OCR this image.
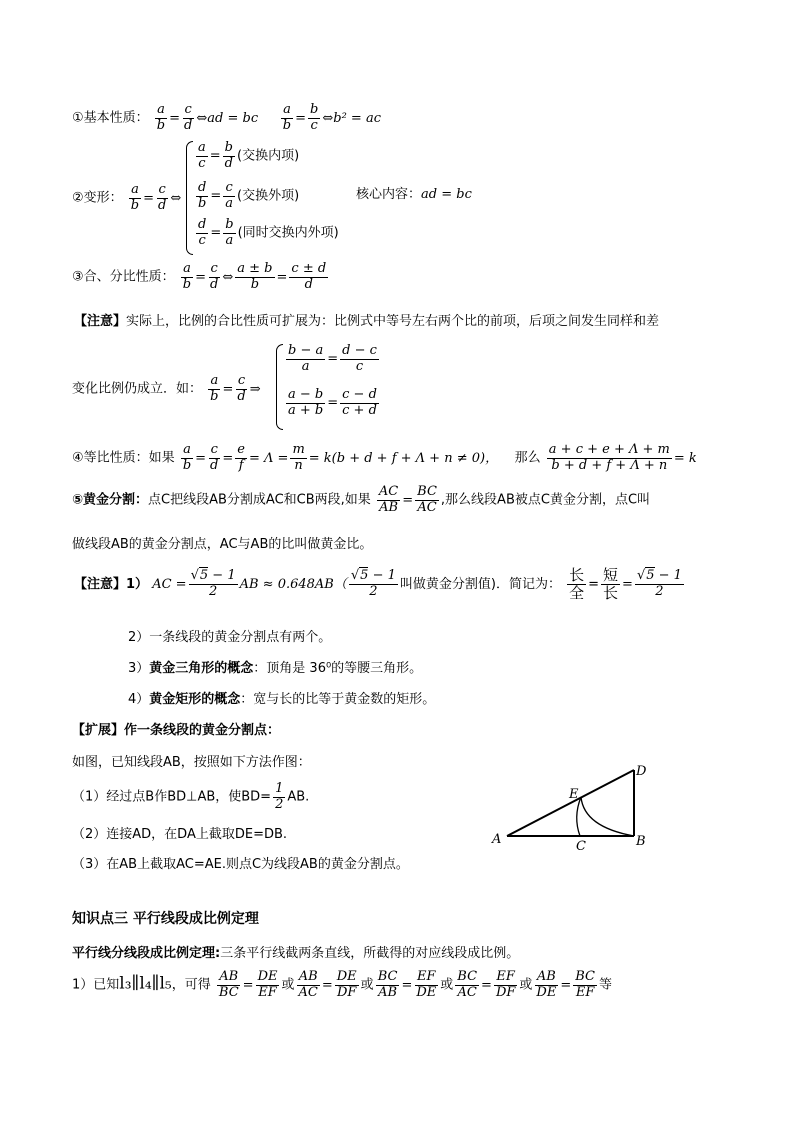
①基本性质： $\frac{a}{b} = \frac{c}{d}$ ⇔ad = bc $\frac{a}{b} = \frac{b}{c}$ ⇔b² = ac
②变形： $\frac{a}{b} = \frac{c}{d}$ ⇔
$\frac{a}{c} = \frac{b}{d}$ (交换内项)
$\frac{d}{b} = \frac{c}{a}$ (交换外项)
$\frac{d}{c} = \frac{b}{a}$ (同时交换内外项)
核心内容：ad = bc
③合、分比性质： $\frac{a}{b} = \frac{c}{d}$ ⇔ $\frac{a \pm b}{b} = \frac{c \pm d}{d}$
【注意】实际上，比例的合比性质可扩展为：比例式中等号左右两个比的前项，后项之间发生同样和差
变化比例仍成立．如： $\frac{a}{b} = \frac{c}{d}$ ⇒
$\frac{b - a}{a} = \frac{d - c}{c}$
$\frac{a - b}{a + b} = \frac{c - d}{c + d}$
④等比性质：如果 $\frac{a}{b} = \frac{c}{d} = \frac{e}{f} = \Lambda = \frac{m}{n} = k(b + d + f + \Lambda + n \ne 0)$， 那么 $\frac{a + c + e + \Lambda + m}{b + d + f + \Lambda + n} = k$
⑤黄金分割：点C把线段AB分割成AC和CB两段,如果 $\frac{AC}{AB} = \frac{BC}{AC}$ ,那么线段AB被点C黄金分割，点C叫
做线段AB的黄金分割点，AC与AB的比叫做黄金比。
【注意】1） AC = $\frac{√5 - 1}{2}$ AB ≈ $0.648AB( \frac{√5 - 1}{2}$ 叫做黄金分割值)．简记为： $\frac{\text{长}}{\text{全}} = \frac{\text{短}}{\text{长}} = \frac{√5 - 1}{2}$
2）一条线段的黄金分割点有两个。
3）黄金三角形的概念：顶角是 36⁰的等腰三角形。
4）黄金矩形的概念：宽与长的比等于黄金数的矩形。
【扩展】作一条线段的黄金分割点：
如图，已知线段AB，按照如下方法作图：
（1）经过点B作BD⊥AB，使$BD= \frac{1}{2}$ AB.
（2）连接AD，在DA上截取DE=DB.
（3）在AB上截取AC=AE.则点C为线段AB的黄金分割点。
A	B
C
D
E
知识点三 平行线段成比例定理
平行线分线段成比例定理:三条平行线截两条直线，所截得的对应线段成比例。
1）已知l₃∥l₄∥l₅，可得 $\frac{AB}{BC} = \frac{DE}{EF}$ 或 $\frac{AB}{AC} = \frac{DE}{DF}$ 或 $\frac{BC}{AB} = \frac{EF}{DE}$ 或 $\frac{BC}{AC} = \frac{EF}{DF}$ 或 $\frac{AB}{DE} = \frac{BC}{EF}$ 等
